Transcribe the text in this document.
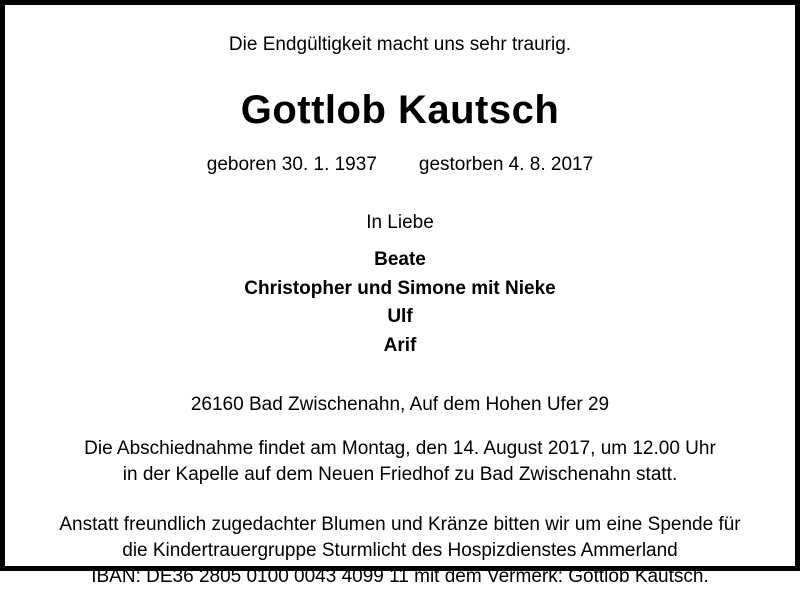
Die Endgültigkeit macht uns sehr traurig.
Gottlob Kautsch
geboren 30. 1. 1937 gestorben 4. 8. 2017
In Liebe
Beate
Christopher und Simone mit Nieke
Ulf
Arif
26160 Bad Zwischenahn, Auf dem Hohen Ufer 29
Die Abschiednahme findet am Montag, den 14. August 2017, um 12.00 Uhr
in der Kapelle auf dem Neuen Friedhof zu Bad Zwischenahn statt.
Anstatt freundlich zugedachter Blumen und Kränze bitten wir um eine Spende für
die Kindertrauergruppe Sturmlicht des Hospizdienstes Ammerland
IBAN: DE36 2805 0100 0043 4099 11 mit dem Vermerk: Gottlob Kautsch.
